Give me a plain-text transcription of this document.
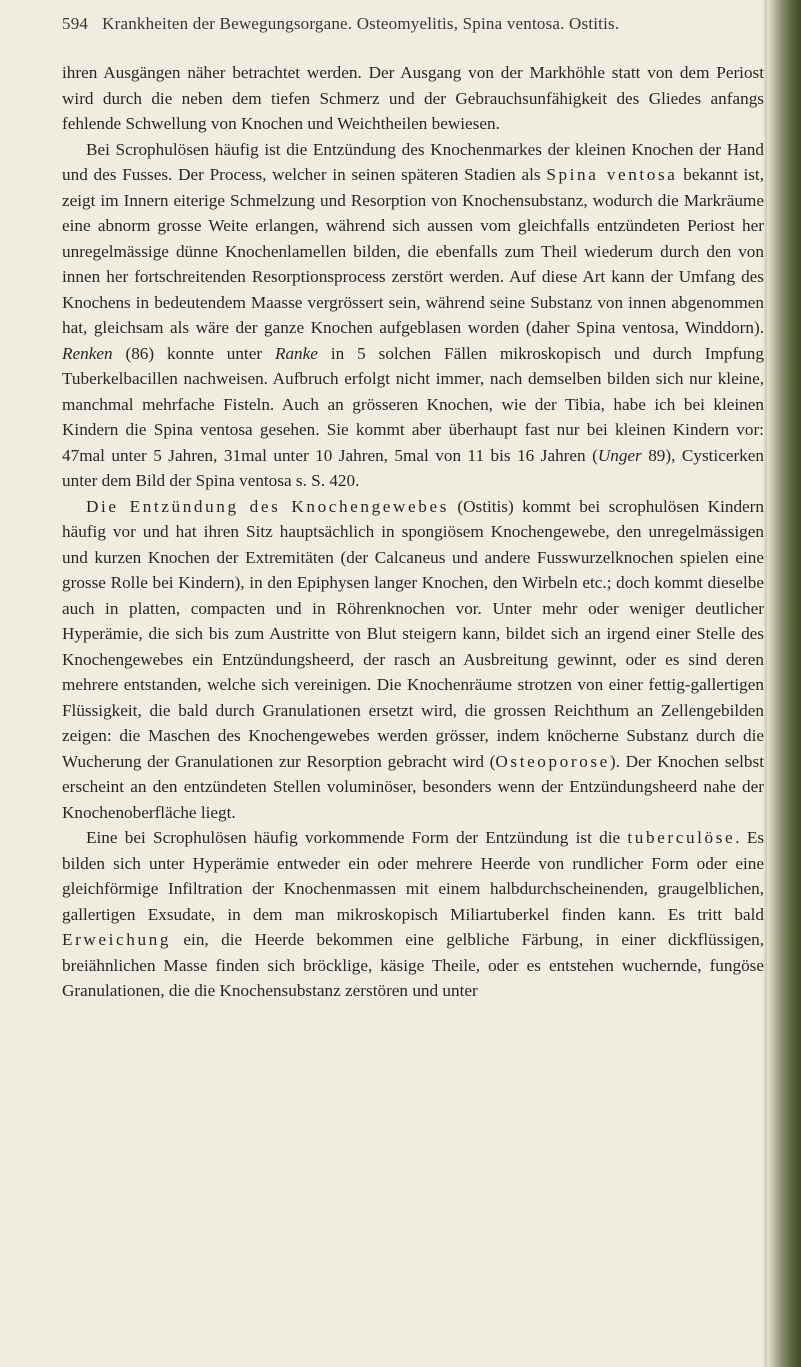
594 Krankheiten der Bewegungsorgane. Osteomyelitis, Spina ventosa. Ostitis.

ihren Ausgängen näher betrachtet werden. Der Ausgang von der Markhöhle statt von dem Periost wird durch die neben dem tiefen Schmerz und der Gebrauchsunfähigkeit des Gliedes anfangs fehlende Schwellung von Knochen und Weichtheilen bewiesen.

Bei Scrophulösen häufig ist die Entzündung des Knochenmarkes der kleinen Knochen der Hand und des Fusses. Der Process, welcher in seinen späteren Stadien als Spina ventosa bekannt ist, zeigt im Innern eiterige Schmelzung und Resorption von Knochensubstanz, wodurch die Markräume eine abnorm grosse Weite erlangen, während sich aussen vom gleichfalls entzündeten Periost her unregelmässige dünne Knochenlamellen bilden, die ebenfalls zum Theil wiederum durch den von innen her fortschreitenden Resorptionsprocess zerstört werden. Auf diese Art kann der Umfang des Knochens in bedeutendem Maasse vergrössert sein, während seine Substanz von innen abgenommen hat, gleichsam als wäre der ganze Knochen aufgeblasen worden (daher Spina ventosa, Winddorn). Renken (86) konnte unter Ranke in 5 solchen Fällen mikroskopisch und durch Impfung Tuberkelbacillen nachweisen. Aufbruch erfolgt nicht immer, nach demselben bilden sich nur kleine, manchmal mehrfache Fisteln. Auch an grösseren Knochen, wie der Tibia, habe ich bei kleinen Kindern die Spina ventosa gesehen. Sie kommt aber überhaupt fast nur bei kleinen Kindern vor: 47mal unter 5 Jahren, 31mal unter 10 Jahren, 5mal von 11 bis 16 Jahren (Unger 89), Cysticerken unter dem Bild der Spina ventosa s. S. 420.

Die Entzündung des Knochengewebes (Ostitis) kommt bei scrophulösen Kindern häufig vor und hat ihren Sitz hauptsächlich in spongiösem Knochengewebe, den unregelmässigen und kurzen Knochen der Extremitäten (der Calcaneus und andere Fusswurzelknochen spielen eine grosse Rolle bei Kindern), in den Epiphysen langer Knochen, den Wirbeln etc.; doch kommt dieselbe auch in platten, compacten und in Röhrenknochen vor. Unter mehr oder weniger deutlicher Hyperämie, die sich bis zum Austritte von Blut steigern kann, bildet sich an irgend einer Stelle des Knochengewebes ein Entzündungsheerd, der rasch an Ausbreitung gewinnt, oder es sind deren mehrere entstanden, welche sich vereinigen. Die Knochenräume strotzen von einer fettig-gallertigen Flüssigkeit, die bald durch Granulationen ersetzt wird, die grossen Reichthum an Zellengebilden zeigen: die Maschen des Knochengewebes werden grösser, indem knöcherne Substanz durch die Wucherung der Granulationen zur Resorption gebracht wird (Osteoporose). Der Knochen selbst erscheint an den entzündeten Stellen voluminöser, besonders wenn der Entzündungsheerd nahe der Knochenoberfläche liegt.

Eine bei Scrophulösen häufig vorkommende Form der Entzündung ist die tuberculöse. Es bilden sich unter Hyperämie entweder ein oder mehrere Heerde von rundlicher Form oder eine gleichförmige Infiltration der Knochenmassen mit einem halbdurchscheinenden, graugelblichen, gallertigen Exsudate, in dem man mikroskopisch Miliartuberkel finden kann. Es tritt bald Erweichung ein, die Heerde bekommen eine gelbliche Färbung, in einer dickflüssigen, breiähnlichen Masse finden sich bröcklige, käsige Theile, oder es entstehen wuchernde, fungöse Granulationen, die die Knochensubstanz zerstören und unter
